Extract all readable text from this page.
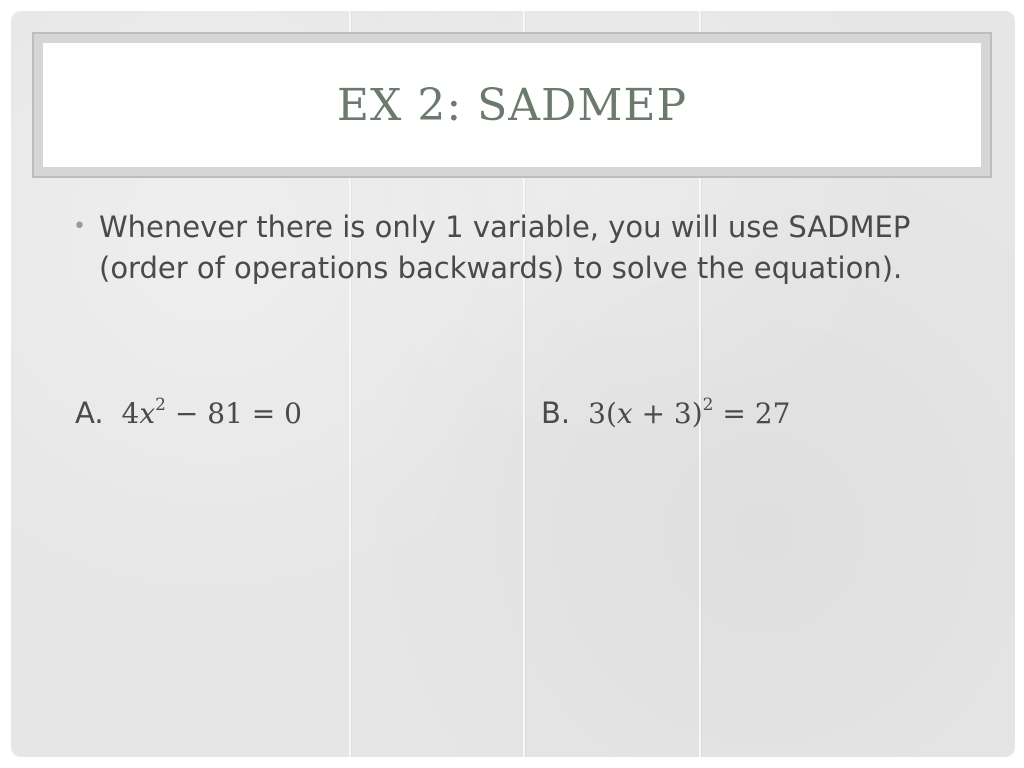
EX 2: SADMEP
• Whenever there is only 1 variable, you will use SADMEP (order of operations backwards) to solve the equation).
A. $4x^2 - 81 = 0$	B. $3(x + 3)^2 = 27$
